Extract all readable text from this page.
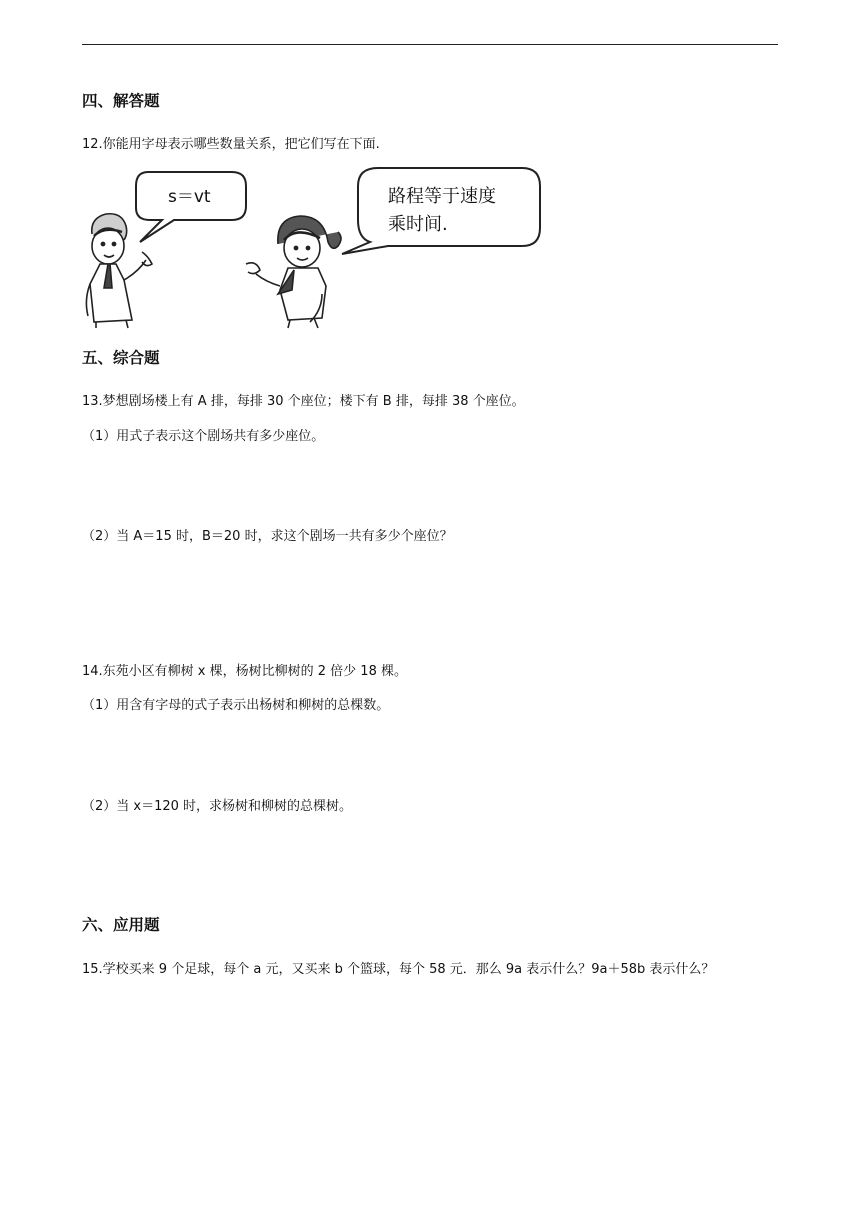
四、解答题
12.你能用字母表示哪些数量关系，把它们写在下面.
s＝vt	路程等于速度
乘时间.
五、综合题
13.梦想剧场楼上有 A 排，每排 30 个座位；楼下有 B 排，每排 38 个座位。
（1）用式子表示这个剧场共有多少座位。
（2）当 A＝15 时，B＝20 时，求这个剧场一共有多少个座位？
14.东苑小区有柳树 x 棵，杨树比柳树的 2 倍少 18 棵。
（1）用含有字母的式子表示出杨树和柳树的总棵数。
（2）当 x＝120 时，求杨树和柳树的总棵树。
六、应用题
15.学校买来 9 个足球，每个 a 元，又买来 b 个篮球，每个 58 元．那么 9a 表示什么？9a＋58b 表示什么？
